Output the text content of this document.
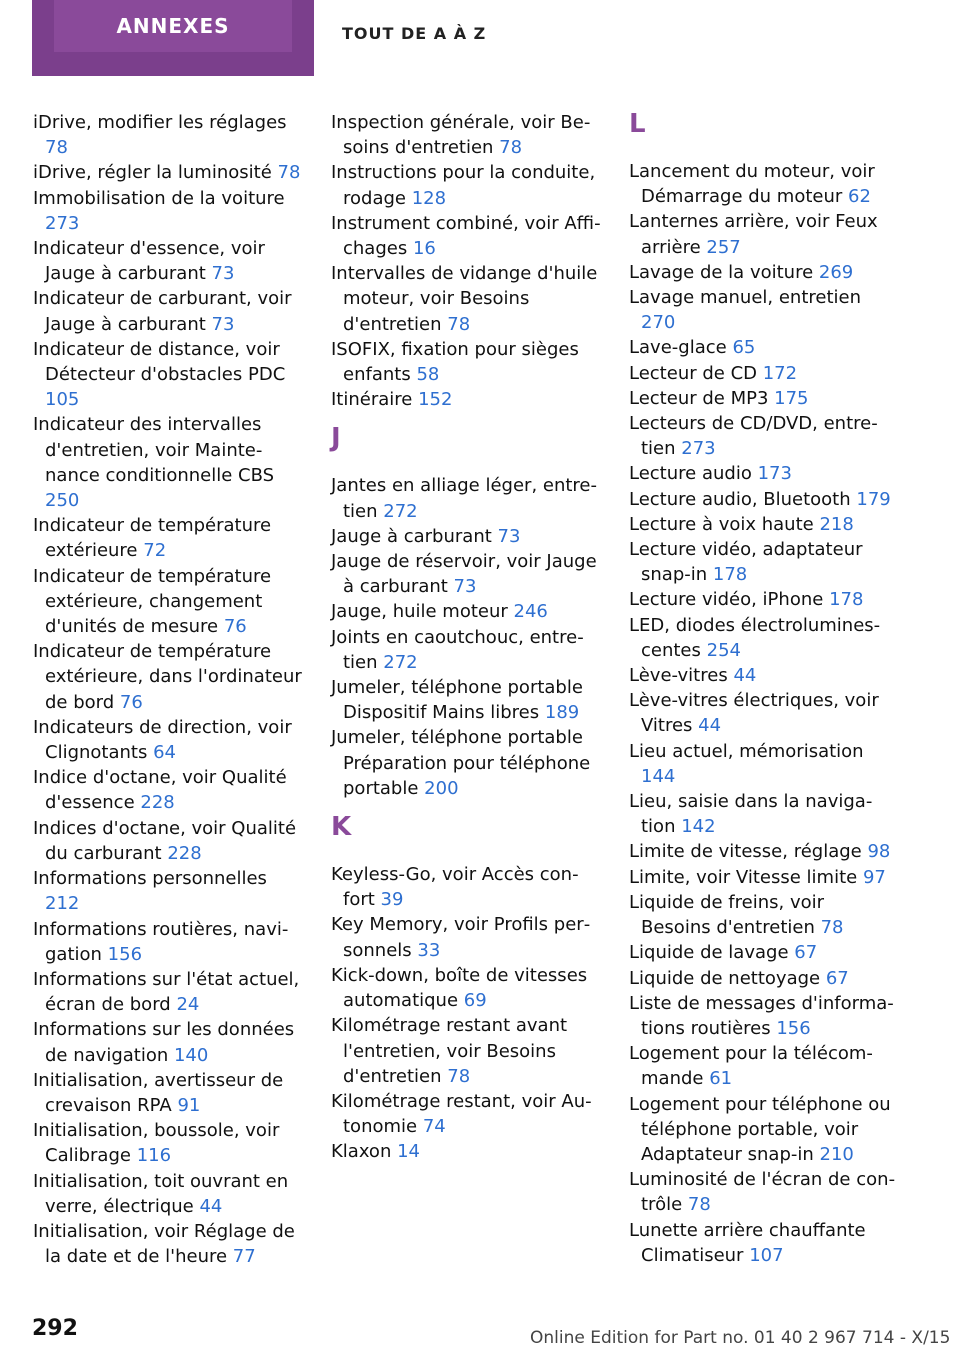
ANNEXES	TOUT DE A À Z
iDrive, modifier les réglages 78
iDrive, régler la luminosité 78
Immobilisation de la voiture 273
Indicateur d'essence, voir Jauge à carburant 73
Indicateur de carburant, voir Jauge à carburant 73
Indicateur de distance, voir Détecteur d'obstacles PDC 105
Indicateur des intervalles d'entretien, voir Maintenance conditionnelle CBS 250
Indicateur de température extérieure 72
Indicateur de température extérieure, changement d'unités de mesure 76
Indicateur de température extérieure, dans l'ordinateur de bord 76
Indicateurs de direction, voir Clignotants 64
Indice d'octane, voir Qualité d'essence 228
Indices d'octane, voir Qualité du carburant 228
Informations personnelles 212
Informations routières, navigation 156
Informations sur l'état actuel, écran de bord 24
Informations sur les données de navigation 140
Initialisation, avertisseur de crevaison RPA 91
Initialisation, boussole, voir Calibrage 116
Initialisation, toit ouvrant en verre, électrique 44
Initialisation, voir Réglage de la date et de l'heure 77
Inspection générale, voir Besoins d'entretien 78
Instructions pour la conduite, rodage 128
Instrument combiné, voir Affichages 16
Intervalles de vidange d'huile moteur, voir Besoins d'entretien 78
ISOFIX, fixation pour sièges enfants 58
Itinéraire 152
J
Jantes en alliage léger, entretien 272
Jauge à carburant 73
Jauge de réservoir, voir Jauge à carburant 73
Jauge, huile moteur 246
Joints en caoutchouc, entretien 272
Jumeler, téléphone portable Dispositif Mains libres 189
Jumeler, téléphone portable Préparation pour téléphone portable 200
K
Keyless-Go, voir Accès confort 39
Key Memory, voir Profils personnels 33
Kick-down, boîte de vitesses automatique 69
Kilométrage restant avant l'entretien, voir Besoins d'entretien 78
Kilométrage restant, voir Autonomie 74
Klaxon 14
L
Lancement du moteur, voir Démarrage du moteur 62
Lanternes arrière, voir Feux arrière 257
Lavage de la voiture 269
Lavage manuel, entretien 270
Lave-glace 65
Lecteur de CD 172
Lecteur de MP3 175
Lecteurs de CD/DVD, entretien 273
Lecture audio 173
Lecture audio, Bluetooth 179
Lecture à voix haute 218
Lecture vidéo, adaptateur snap-in 178
Lecture vidéo, iPhone 178
LED, diodes électroluminescentes 254
Lève-vitres 44
Lève-vitres électriques, voir Vitres 44
Lieu actuel, mémorisation 144
Lieu, saisie dans la navigation 142
Limite de vitesse, réglage 98
Limite, voir Vitesse limite 97
Liquide de freins, voir Besoins d'entretien 78
Liquide de lavage 67
Liquide de nettoyage 67
Liste de messages d'informations routières 156
Logement pour la télécommande 61
Logement pour téléphone ou téléphone portable, voir Adaptateur snap-in 210
Luminosité de l'écran de contrôle 78
Lunette arrière chauffante Climatiseur 107
292	Online Edition for Part no. 01 40 2 967 714 - X/15
